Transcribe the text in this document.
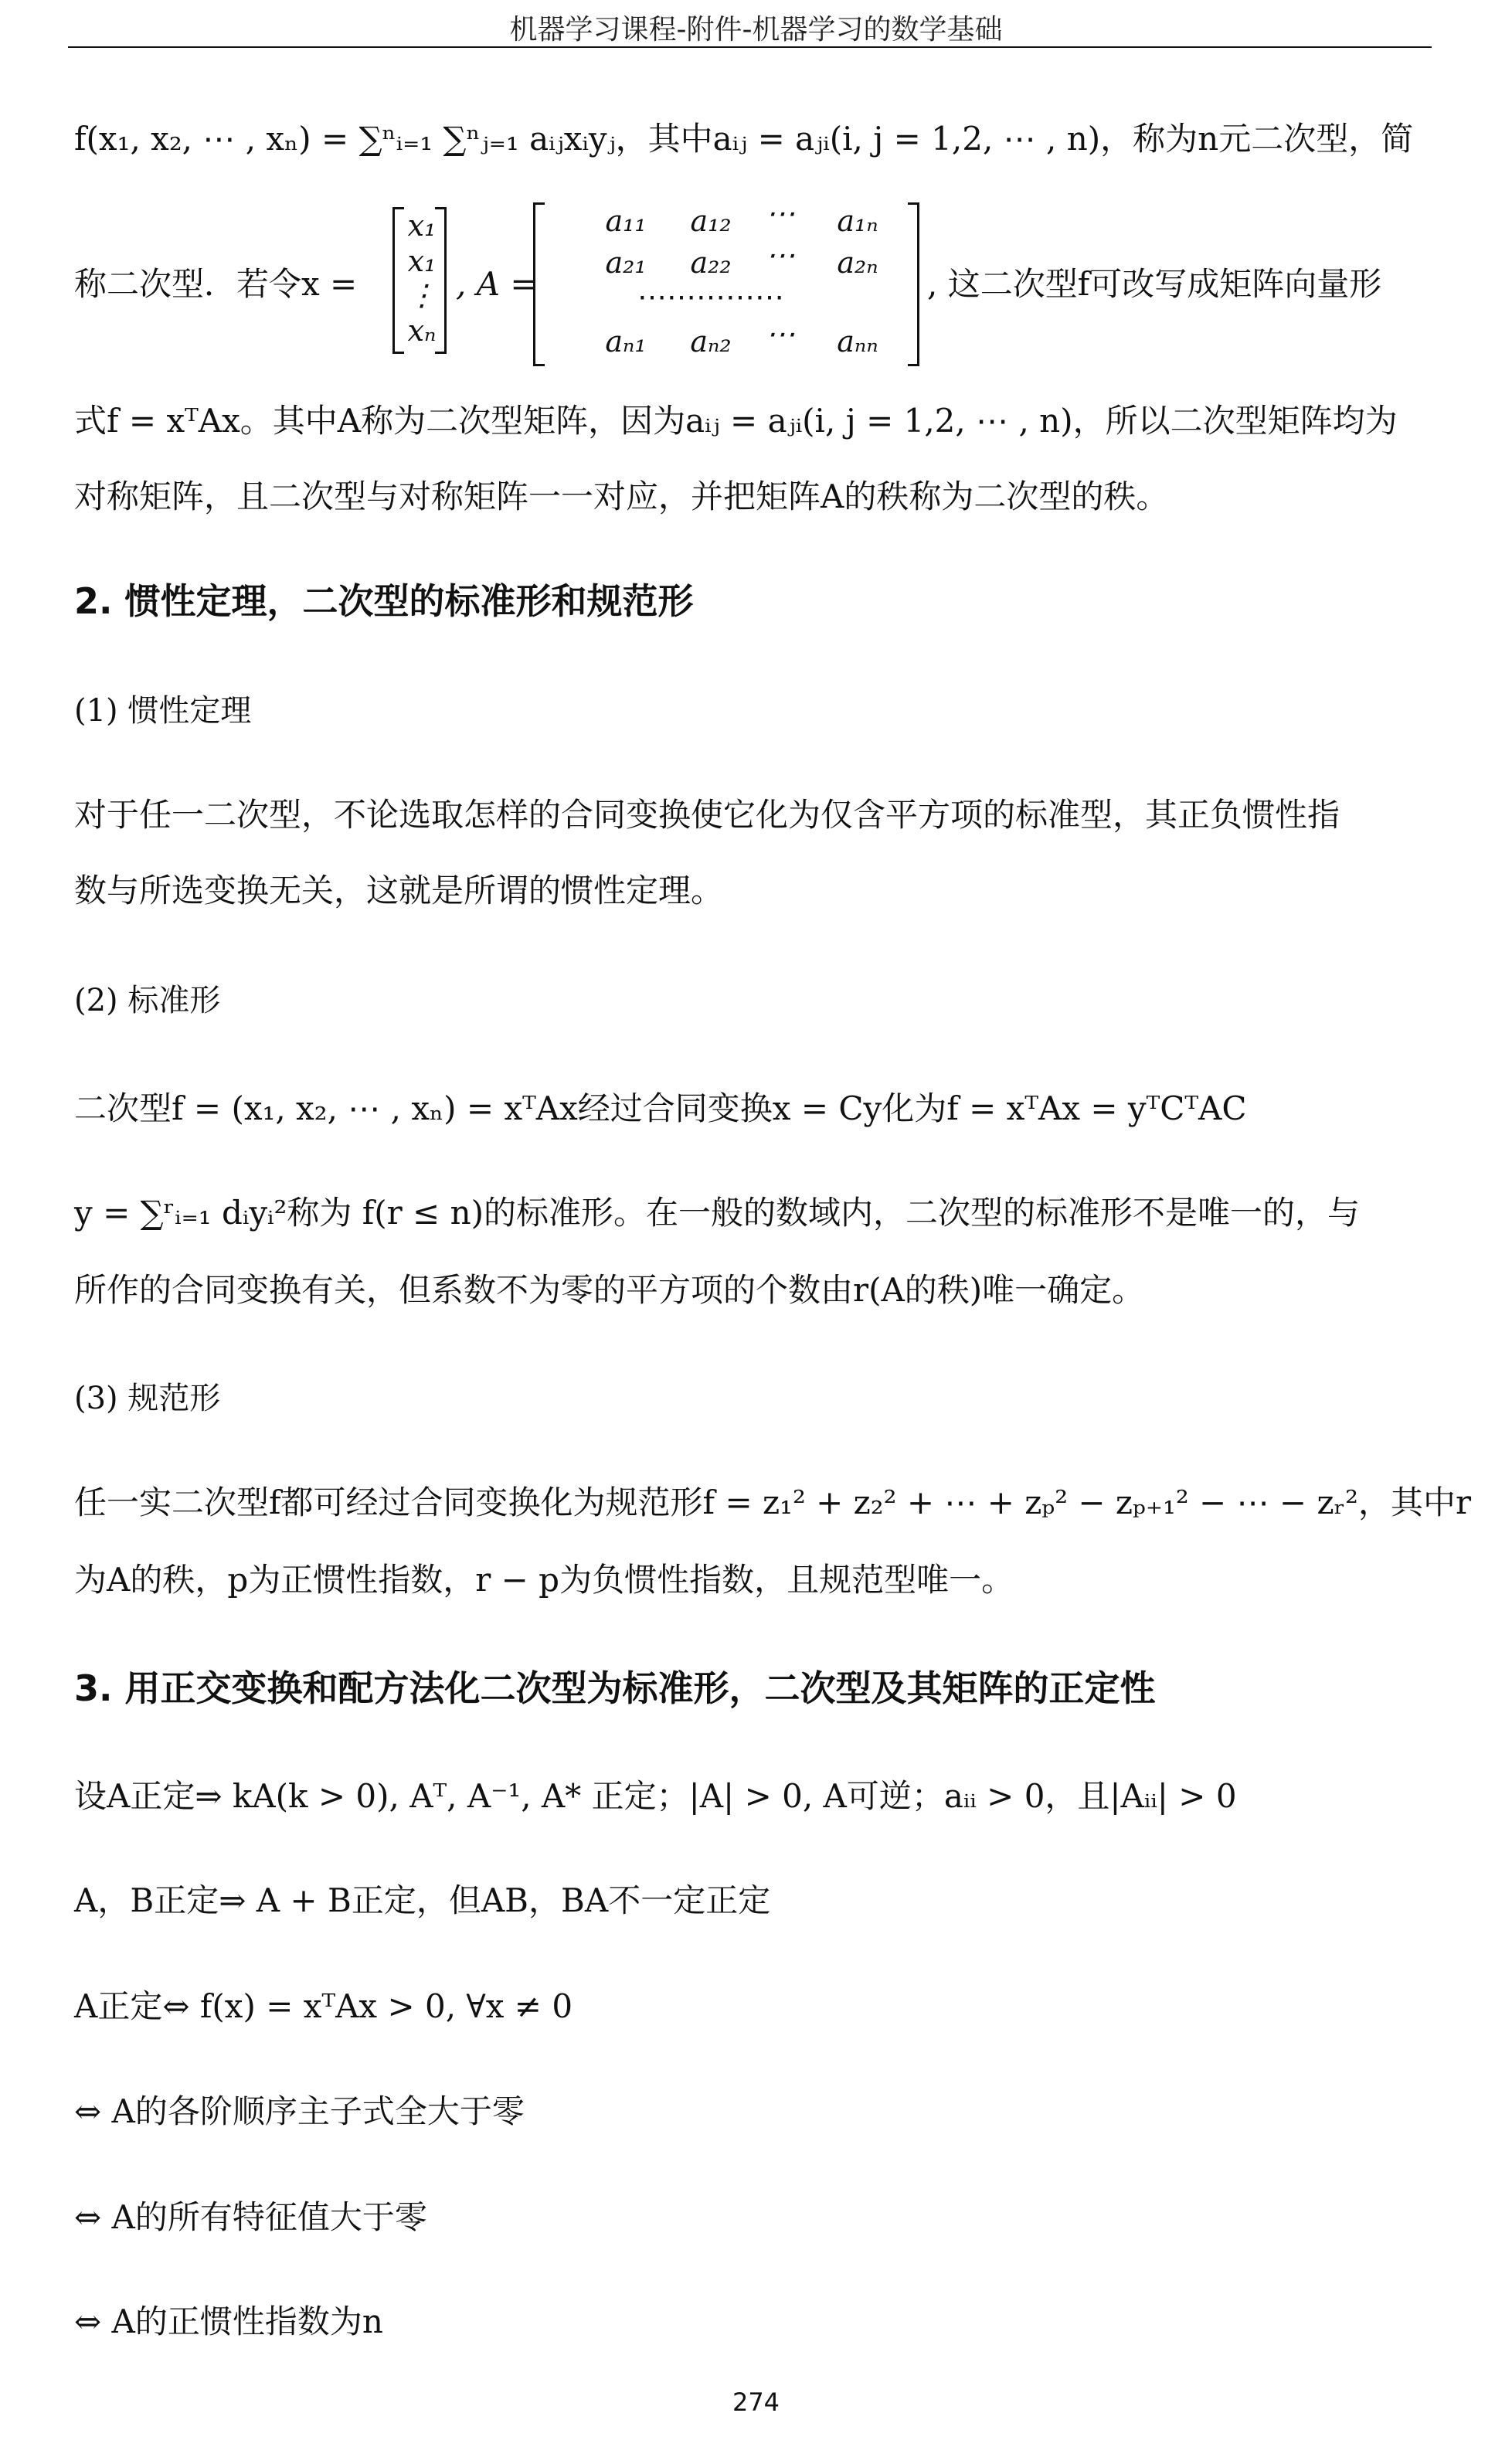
机器学习课程-附件-机器学习的数学基础
f(x₁, x₂, ⋯ , xₙ) = ∑ⁿᵢ₌₁ ∑ⁿⱼ₌₁ aᵢⱼxᵢyⱼ，其中aᵢⱼ = aⱼᵢ(i, j = 1,2, ⋯ , n)，称为n元二次型，简
称二次型．若令x =
x₁
x₁
⋮
xₙ
, A =
a₁₁	a₁₂	⋯	a₁ₙ
a₂₁	a₂₂	⋯	a₂ₙ
⋯⋯⋯⋯⋯
aₙ₁	aₙ₂	⋯	aₙₙ
, 这二次型f可改写成矩阵向量形
式f = xᵀAx。其中A称为二次型矩阵，因为aᵢⱼ = aⱼᵢ(i, j = 1,2, ⋯ , n)，所以二次型矩阵均为
对称矩阵，且二次型与对称矩阵一一对应，并把矩阵A的秩称为二次型的秩。
2. 惯性定理，二次型的标准形和规范形
(1) 惯性定理
对于任一二次型，不论选取怎样的合同变换使它化为仅含平方项的标准型，其正负惯性指
数与所选变换无关，这就是所谓的惯性定理。
(2) 标准形
二次型f = (x₁, x₂, ⋯ , xₙ) = xᵀAx经过合同变换x = Cy化为f = xᵀAx = yᵀCᵀAC
y = ∑ʳᵢ₌₁ dᵢyᵢ²称为 f(r ≤ n)的标准形。在一般的数域内，二次型的标准形不是唯一的，与
所作的合同变换有关，但系数不为零的平方项的个数由r(A的秩)唯一确定。
(3) 规范形
任一实二次型f都可经过合同变换化为规范形f = z₁² + z₂² + ⋯ + zₚ² − zₚ₊₁² − ⋯ − zᵣ²，其中r
为A的秩，p为正惯性指数，r − p为负惯性指数，且规范型唯一。
3. 用正交变换和配方法化二次型为标准形，二次型及其矩阵的正定性
设A正定⇒ kA(k > 0), Aᵀ, A⁻¹, A* 正定；|A| > 0, A可逆；aᵢᵢ > 0，且|Aᵢᵢ| > 0
A，B正定⇒ A + B正定，但AB，BA不一定正定
A正定⇔ f(x) = xᵀAx > 0, ∀x ≠ 0
⇔ A的各阶顺序主子式全大于零
⇔ A的所有特征值大于零
⇔ A的正惯性指数为n
274
